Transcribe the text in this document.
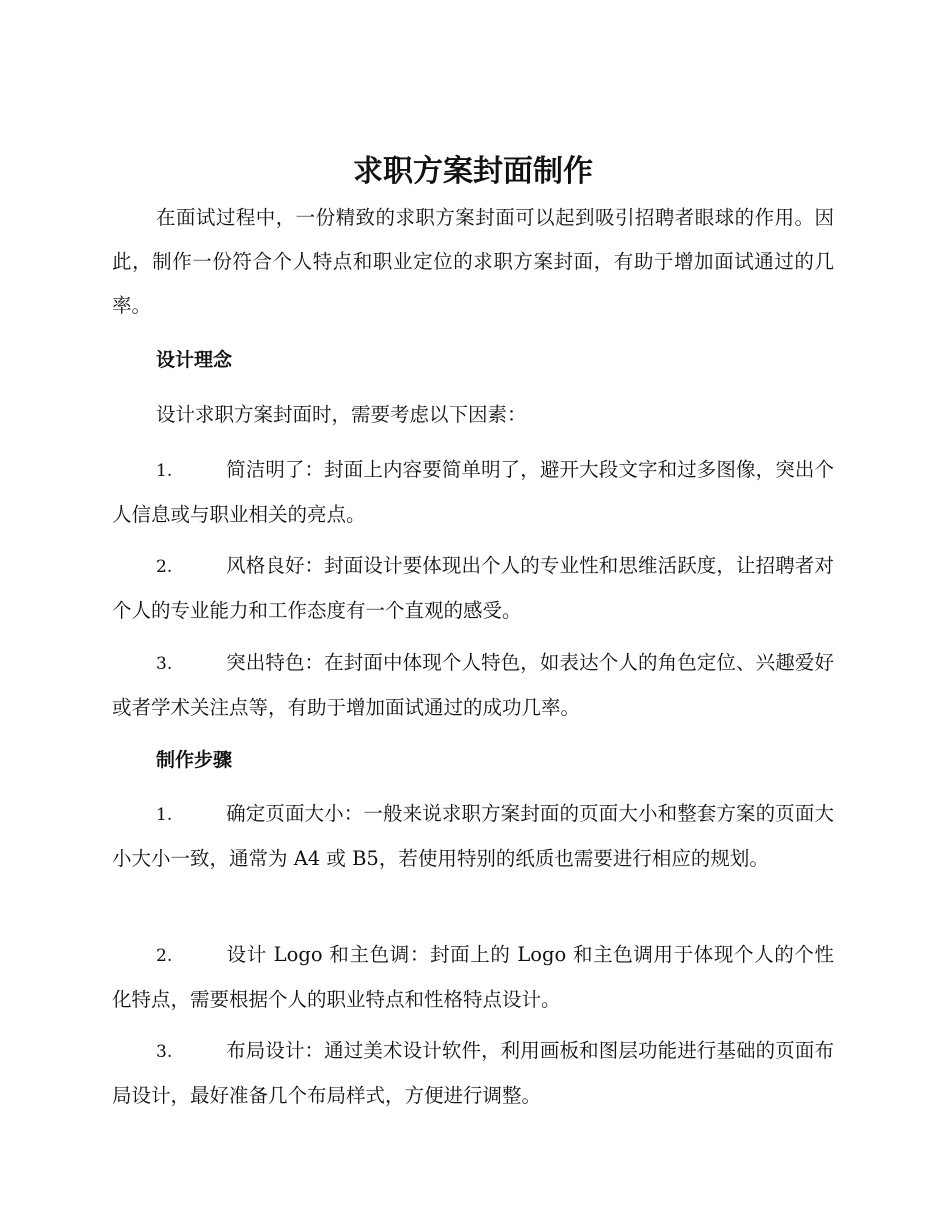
求职方案封面制作

在面试过程中，一份精致的求职方案封面可以起到吸引招聘者眼球的作用。因此，制作一份符合个人特点和职业定位的求职方案封面，有助于增加面试通过的几率。

设计理念

设计求职方案封面时，需要考虑以下因素：

1.	简洁明了：封面上内容要简单明了，避开大段文字和过多图像，突出个人信息或与职业相关的亮点。

2.	风格良好：封面设计要体现出个人的专业性和思维活跃度，让招聘者对个人的专业能力和工作态度有一个直观的感受。

3.	突出特色：在封面中体现个人特色，如表达个人的角色定位、兴趣爱好或者学术关注点等，有助于增加面试通过的成功几率。

制作步骤

1.	确定页面大小：一般来说求职方案封面的页面大小和整套方案的页面大小大小一致，通常为 A4 或 B5，若使用特别的纸质也需要进行相应的规划。

2.	设计 Logo 和主色调：封面上的 Logo 和主色调用于体现个人的个性化特点，需要根据个人的职业特点和性格特点设计。

3.	布局设计：通过美术设计软件，利用画板和图层功能进行基础的页面布局设计，最好准备几个布局样式，方便进行调整。
